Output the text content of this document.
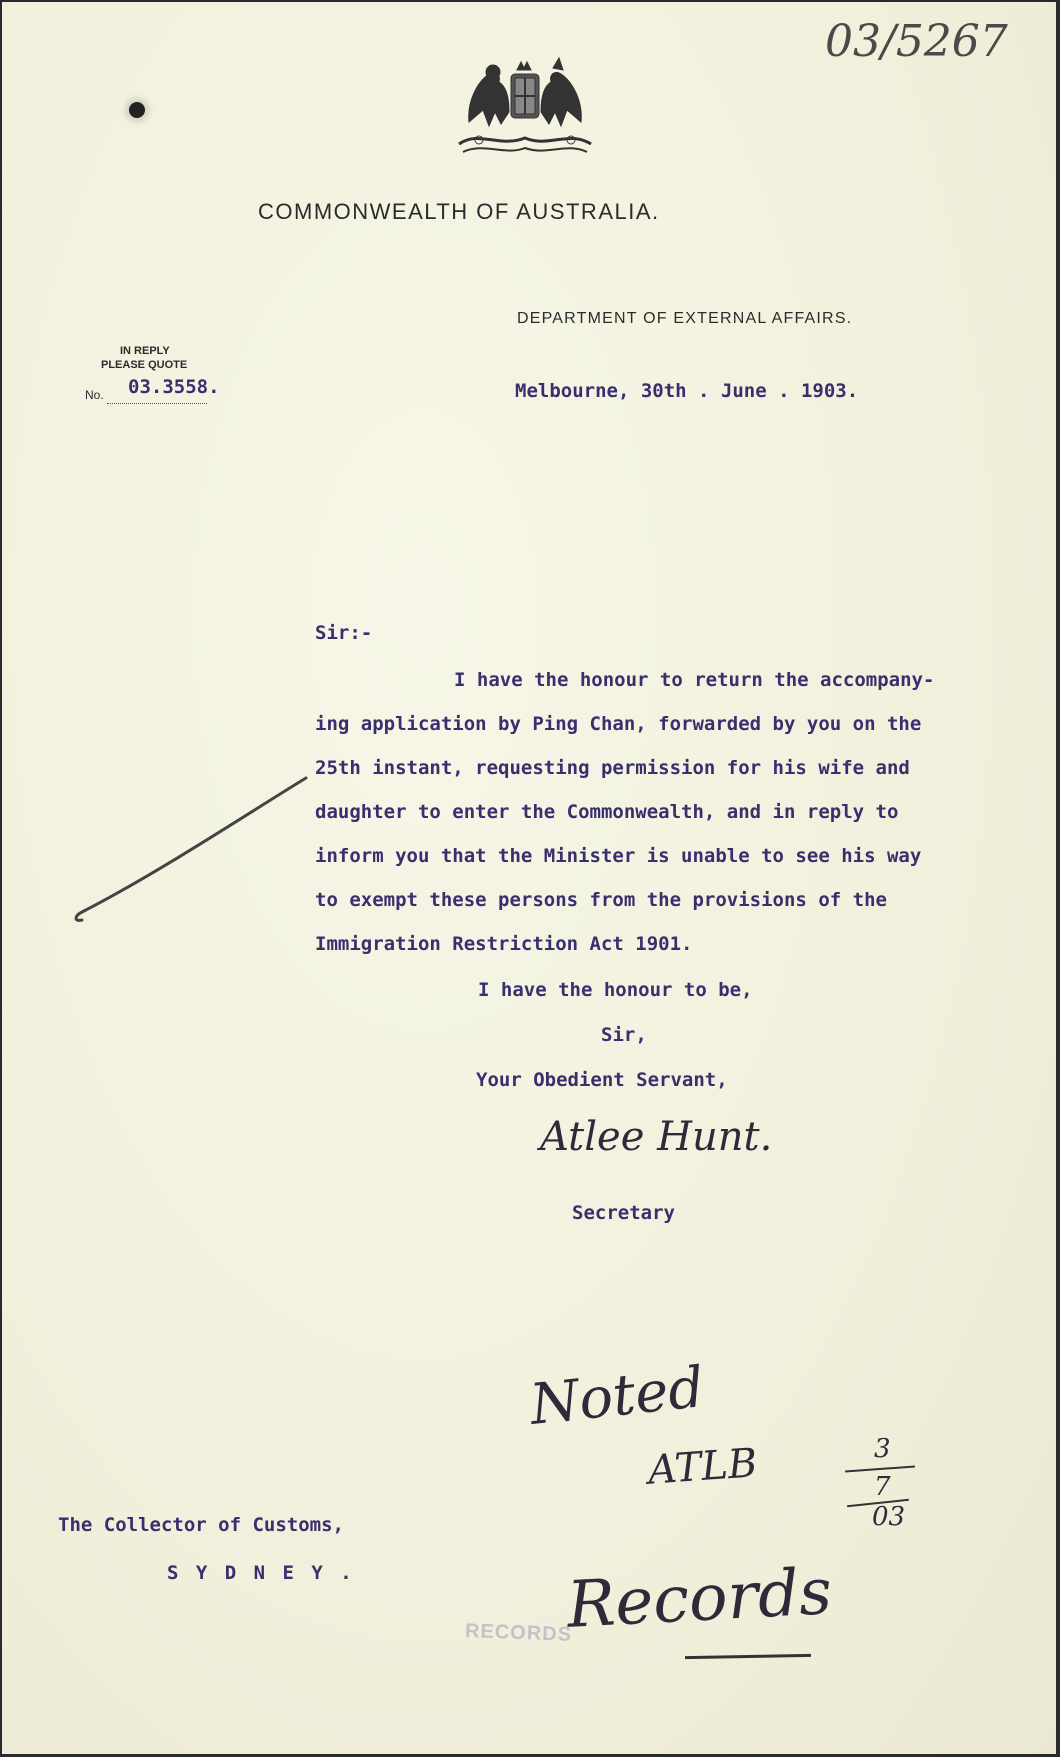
03/5267
COMMONWEALTH OF AUSTRALIA.
DEPARTMENT OF EXTERNAL AFFAIRS.
IN REPLY
PLEASE QUOTE
No. 03.3558.	Melbourne, 30th . June . 1903.
Sir:-
I have the honour to return the accompany-
ing application by Ping Chan, forwarded by you on the
25th instant, requesting permission for his wife and
daughter to enter the Commonwealth, and in reply to
inform you that the Minister is unable to see his way
to exempt these persons from the provisions of the
Immigration Restriction Act 1901.
I have the honour to be,
Sir,
Your Obedient Servant,
Atlee Hunt.
Secretary
Noted
ATLB	3
7
03
RECORDS
Records
The Collector of Customs,
S Y D N E Y .
